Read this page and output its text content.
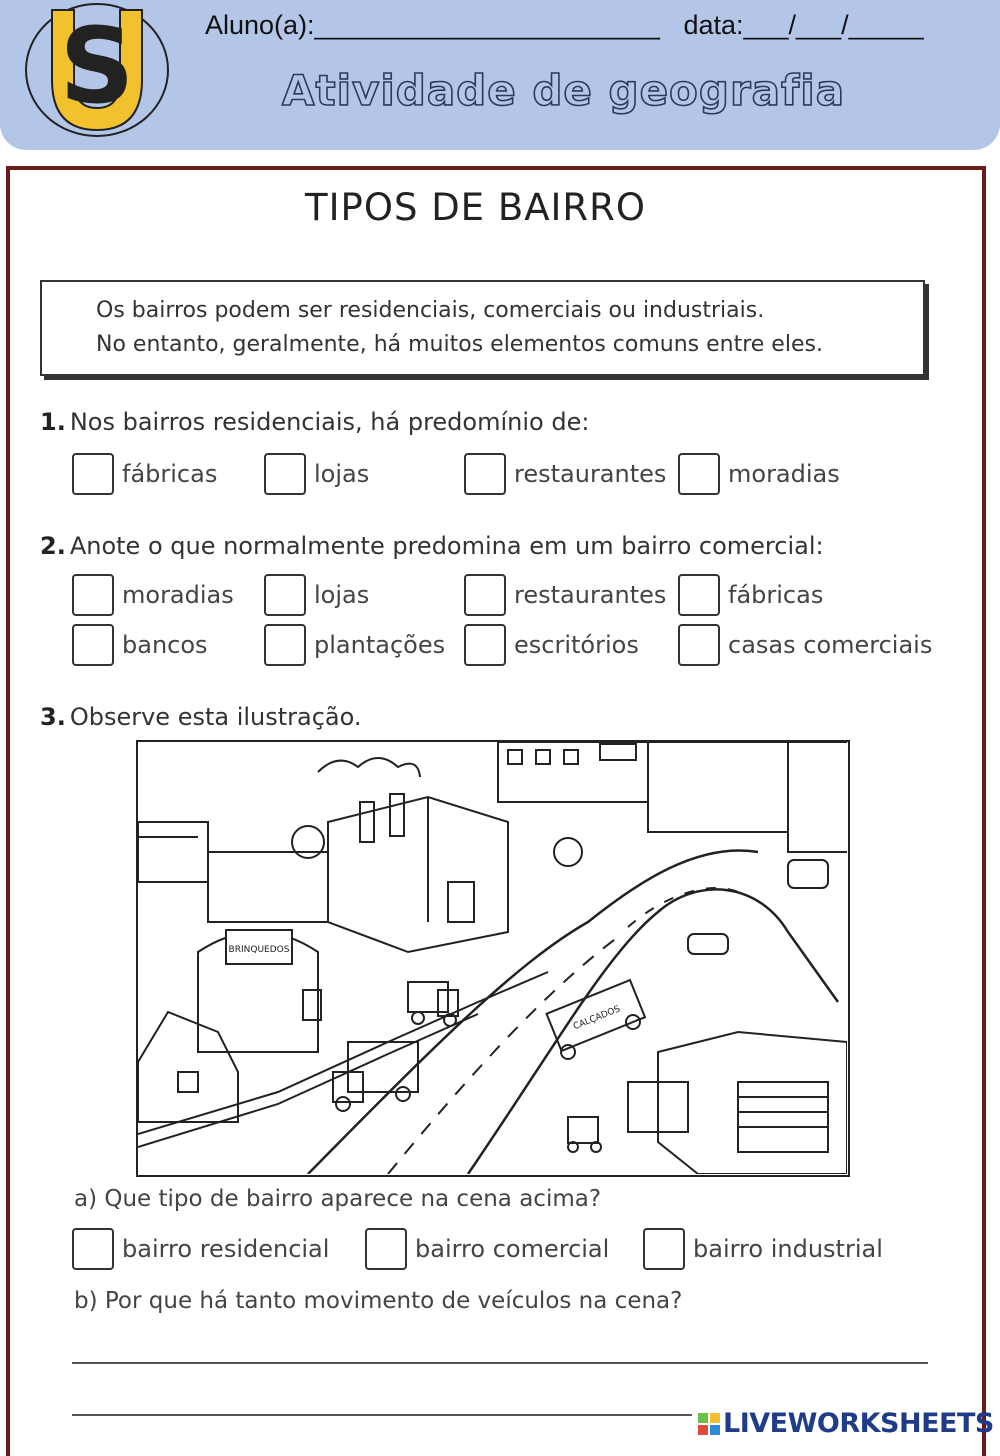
S	Aluno(a):_______________________ data:___/___/_____
Atividade de geografia
TIPOS DE BAIRRO

Os bairros podem ser residenciais, comerciais ou industriais.

No entanto, geralmente, há muitos elementos comuns entre eles.

1. Nos bairros residenciais, há predomínio de:
fábricas	lojas	restaurantes	moradias
2. Anote o que normalmente predomina em um bairro comercial:
moradias	lojas	restaurantes	fábricas
bancos	plantações	escritórios	casas comerciais
3. Observe esta ilustração.
BRINQUEDOS
CALÇADOS
a) Que tipo de bairro aparece na cena acima?
bairro residencial	bairro comercial	bairro industrial
b) Por que há tanto movimento de veículos na cena?
LIVEWORKSHEETS
